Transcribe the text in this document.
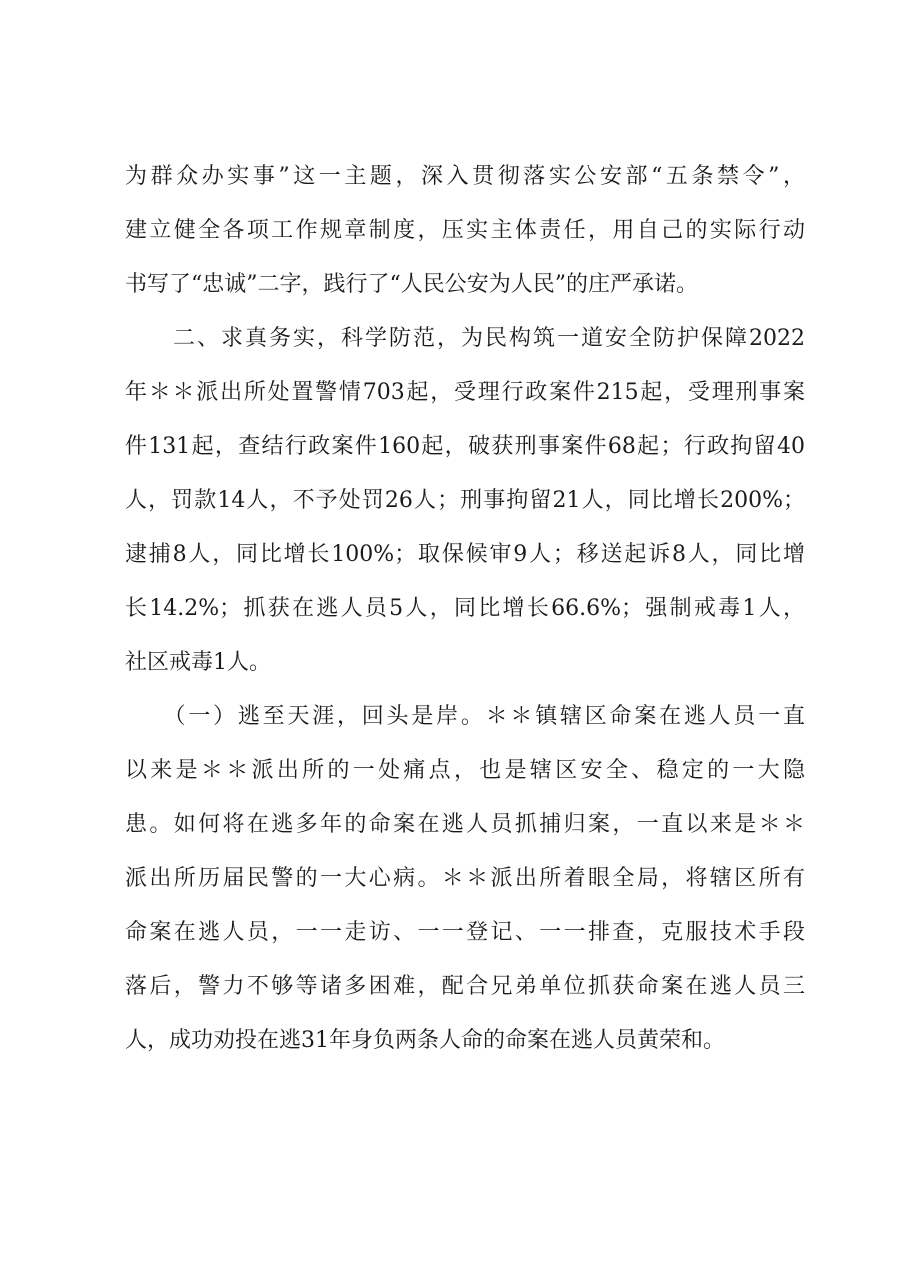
为群众办实事”这一主题，深入贯彻落实公安部“五条禁令”，
建立健全各项工作规章制度，压实主体责任，用自己的实际行动
书写了“忠诚”二字，践行了“人民公安为人民”的庄严承诺。
　　二、求真务实，科学防范，为民构筑一道安全防护保障2022
年＊＊派出所处置警情703起，受理行政案件215起，受理刑事案
件131起，查结行政案件160起，破获刑事案件68起；行政拘留40
人，罚款14人，不予处罚26人；刑事拘留21人，同比增长200%；
逮捕8人，同比增长100%；取保候审9人；移送起诉8人，同比增
长14.2%；抓获在逃人员5人，同比增长66.6%；强制戒毒1人，
社区戒毒1人。
　　（一）逃至天涯，回头是岸。＊＊镇辖区命案在逃人员一直
以来是＊＊派出所的一处痛点，也是辖区安全、稳定的一大隐
患。如何将在逃多年的命案在逃人员抓捕归案，一直以来是＊＊
派出所历届民警的一大心病。＊＊派出所着眼全局，将辖区所有
命案在逃人员，一一走访、一一登记、一一排查，克服技术手段
落后，警力不够等诸多困难，配合兄弟单位抓获命案在逃人员三
人，成功劝投在逃31年身负两条人命的命案在逃人员黄荣和。
